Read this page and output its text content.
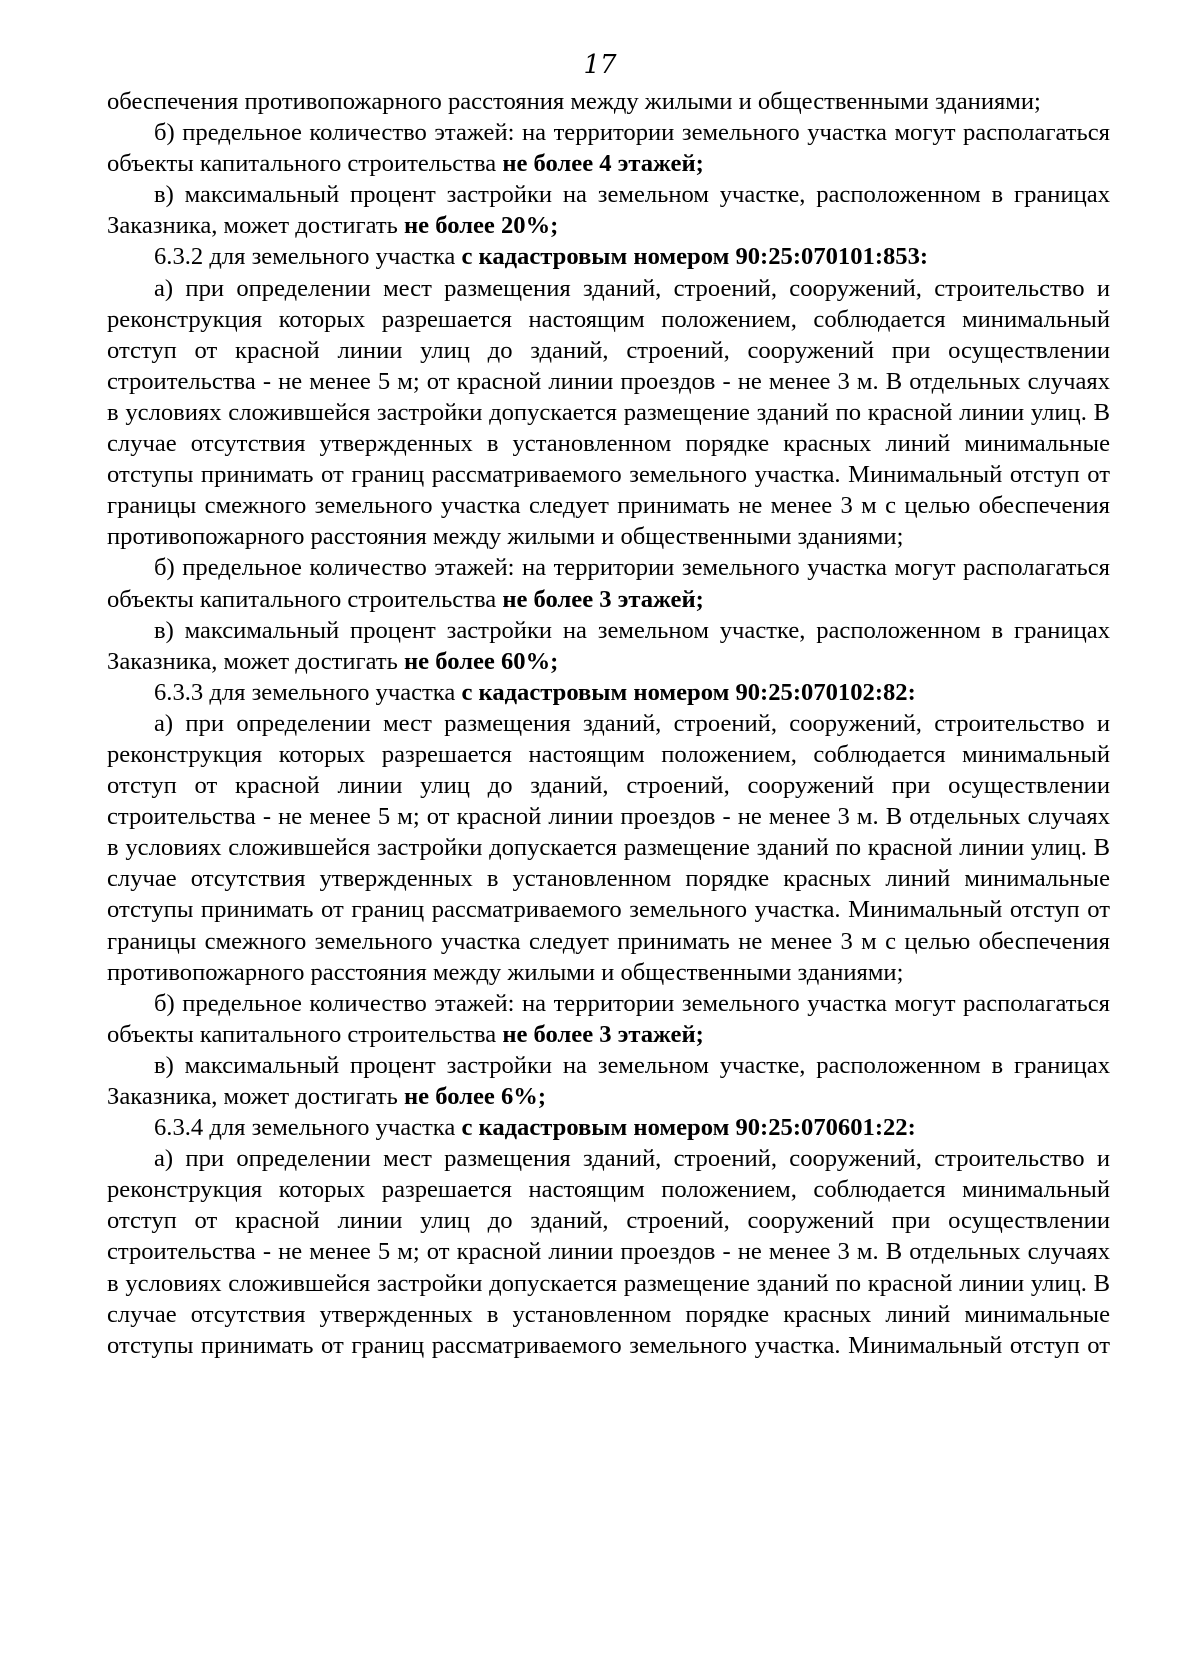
17

обеспечения противопожарного расстояния между жилыми и общественными зданиями;

б) предельное количество этажей: на территории земельного участка могут располагаться объекты капитального строительства не более 4 этажей;

в) максимальный процент застройки на земельном участке, расположенном в границах Заказника, может достигать не более 20%;

6.3.2 для земельного участка с кадастровым номером 90:25:070101:853:

а) при определении мест размещения зданий, строений, сооружений, строительство и реконструкция которых разрешается настоящим положением, соблюдается минимальный отступ от красной линии улиц до зданий, строений, сооружений при осуществлении строительства - не менее 5 м; от красной линии проездов - не менее 3 м. В отдельных случаях в условиях сложившейся застройки допускается размещение зданий по красной линии улиц. В случае отсутствия утвержденных в установленном порядке красных линий минимальные отступы принимать от границ рассматриваемого земельного участка. Минимальный отступ от границы смежного земельного участка следует принимать не менее 3 м с целью обеспечения противопожарного расстояния между жилыми и общественными зданиями;

б) предельное количество этажей: на территории земельного участка могут располагаться объекты капитального строительства не более 3 этажей;

в) максимальный процент застройки на земельном участке, расположенном в границах Заказника, может достигать не более 60%;

6.3.3 для земельного участка с кадастровым номером 90:25:070102:82:

а) при определении мест размещения зданий, строений, сооружений, строительство и реконструкция которых разрешается настоящим положением, соблюдается минимальный отступ от красной линии улиц до зданий, строений, сооружений при осуществлении строительства - не менее 5 м; от красной линии проездов - не менее 3 м. В отдельных случаях в условиях сложившейся застройки допускается размещение зданий по красной линии улиц. В случае отсутствия утвержденных в установленном порядке красных линий минимальные отступы принимать от границ рассматриваемого земельного участка. Минимальный отступ от границы смежного земельного участка следует принимать не менее 3 м с целью обеспечения противопожарного расстояния между жилыми и общественными зданиями;

б) предельное количество этажей: на территории земельного участка могут располагаться объекты капитального строительства не более 3 этажей;

в) максимальный процент застройки на земельном участке, расположенном в границах Заказника, может достигать не более 6%;

6.3.4 для земельного участка с кадастровым номером 90:25:070601:22:

а) при определении мест размещения зданий, строений, сооружений, строительство и реконструкция которых разрешается настоящим положением, соблюдается минимальный отступ от красной линии улиц до зданий, строений, сооружений при осуществлении строительства - не менее 5 м; от красной линии проездов - не менее 3 м. В отдельных случаях в условиях сложившейся застройки допускается размещение зданий по красной линии улиц. В случае отсутствия утвержденных в установленном порядке красных линий минимальные отступы принимать от границ рассматриваемого земельного участка. Минимальный отступ от
